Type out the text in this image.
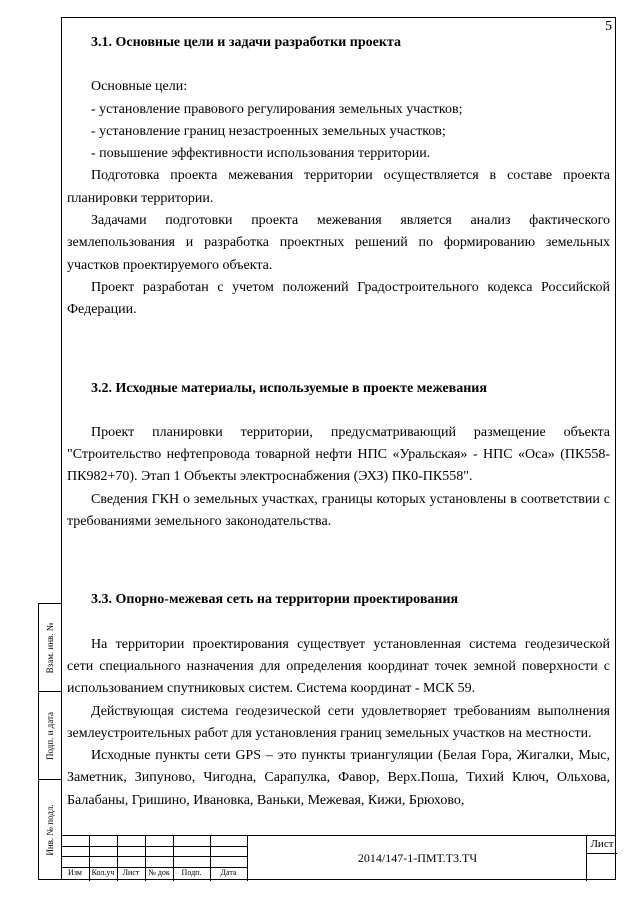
5
Взам. инв. №
Подп. и дата
Инв. № подл.
3.1. Основные цели и задачи разработки проекта

Основные цели:

- установление правового регулирования земельных участков;

- установление границ незастроенных земельных участков;

- повышение эффективности использования территории.

Подготовка проекта межевания территории осуществляется в составе проекта планировки территории.

Задачами подготовки проекта межевания является анализ фактического землепользования и разработка проектных решений по формированию земельных участков проектируемого объекта.

Проект разработан с учетом положений Градостроительного кодекса Российской Федерации.

3.2. Исходные материалы, используемые в проекте межевания

Проект планировки территории, предусматривающий размещение объекта "Строительство нефтепровода товарной нефти НПС «Уральская» - НПС «Оса» (ПК558-ПК982+70). Этап 1 Объекты электроснабжения (ЭХЗ) ПК0-ПК558".

Сведения ГКН о земельных участках, границы которых установлены в соответствии с требованиями земельного законодательства.

3.3. Опорно-межевая сеть на территории проектирования

На территории проектирования существует установленная система геодезической сети специального назначения для определения координат точек земной поверхности с использованием спутниковых систем. Система координат - МСК 59.

Действующая система геодезической сети удовлетворяет требованиям выполнения землеустроительных работ для установления границ земельных участков на местности.

Исходные пункты сети GPS – это пункты триангуляции (Белая Гора, Жигалки, Мыс, Заметник, Зипуново, Чигодна, Сарапулка, Фавор, Верх.Поша, Тихий Ключ, Ольхова, Балабаны, Гришино, Ивановка, Ваньки, Межевая, Кижи, Брюхово,

Изм	Кол.уч	Лист	№ док	Подп.	Дата
2014/147-1-ПМТ.Т3.ТЧ
Лист
